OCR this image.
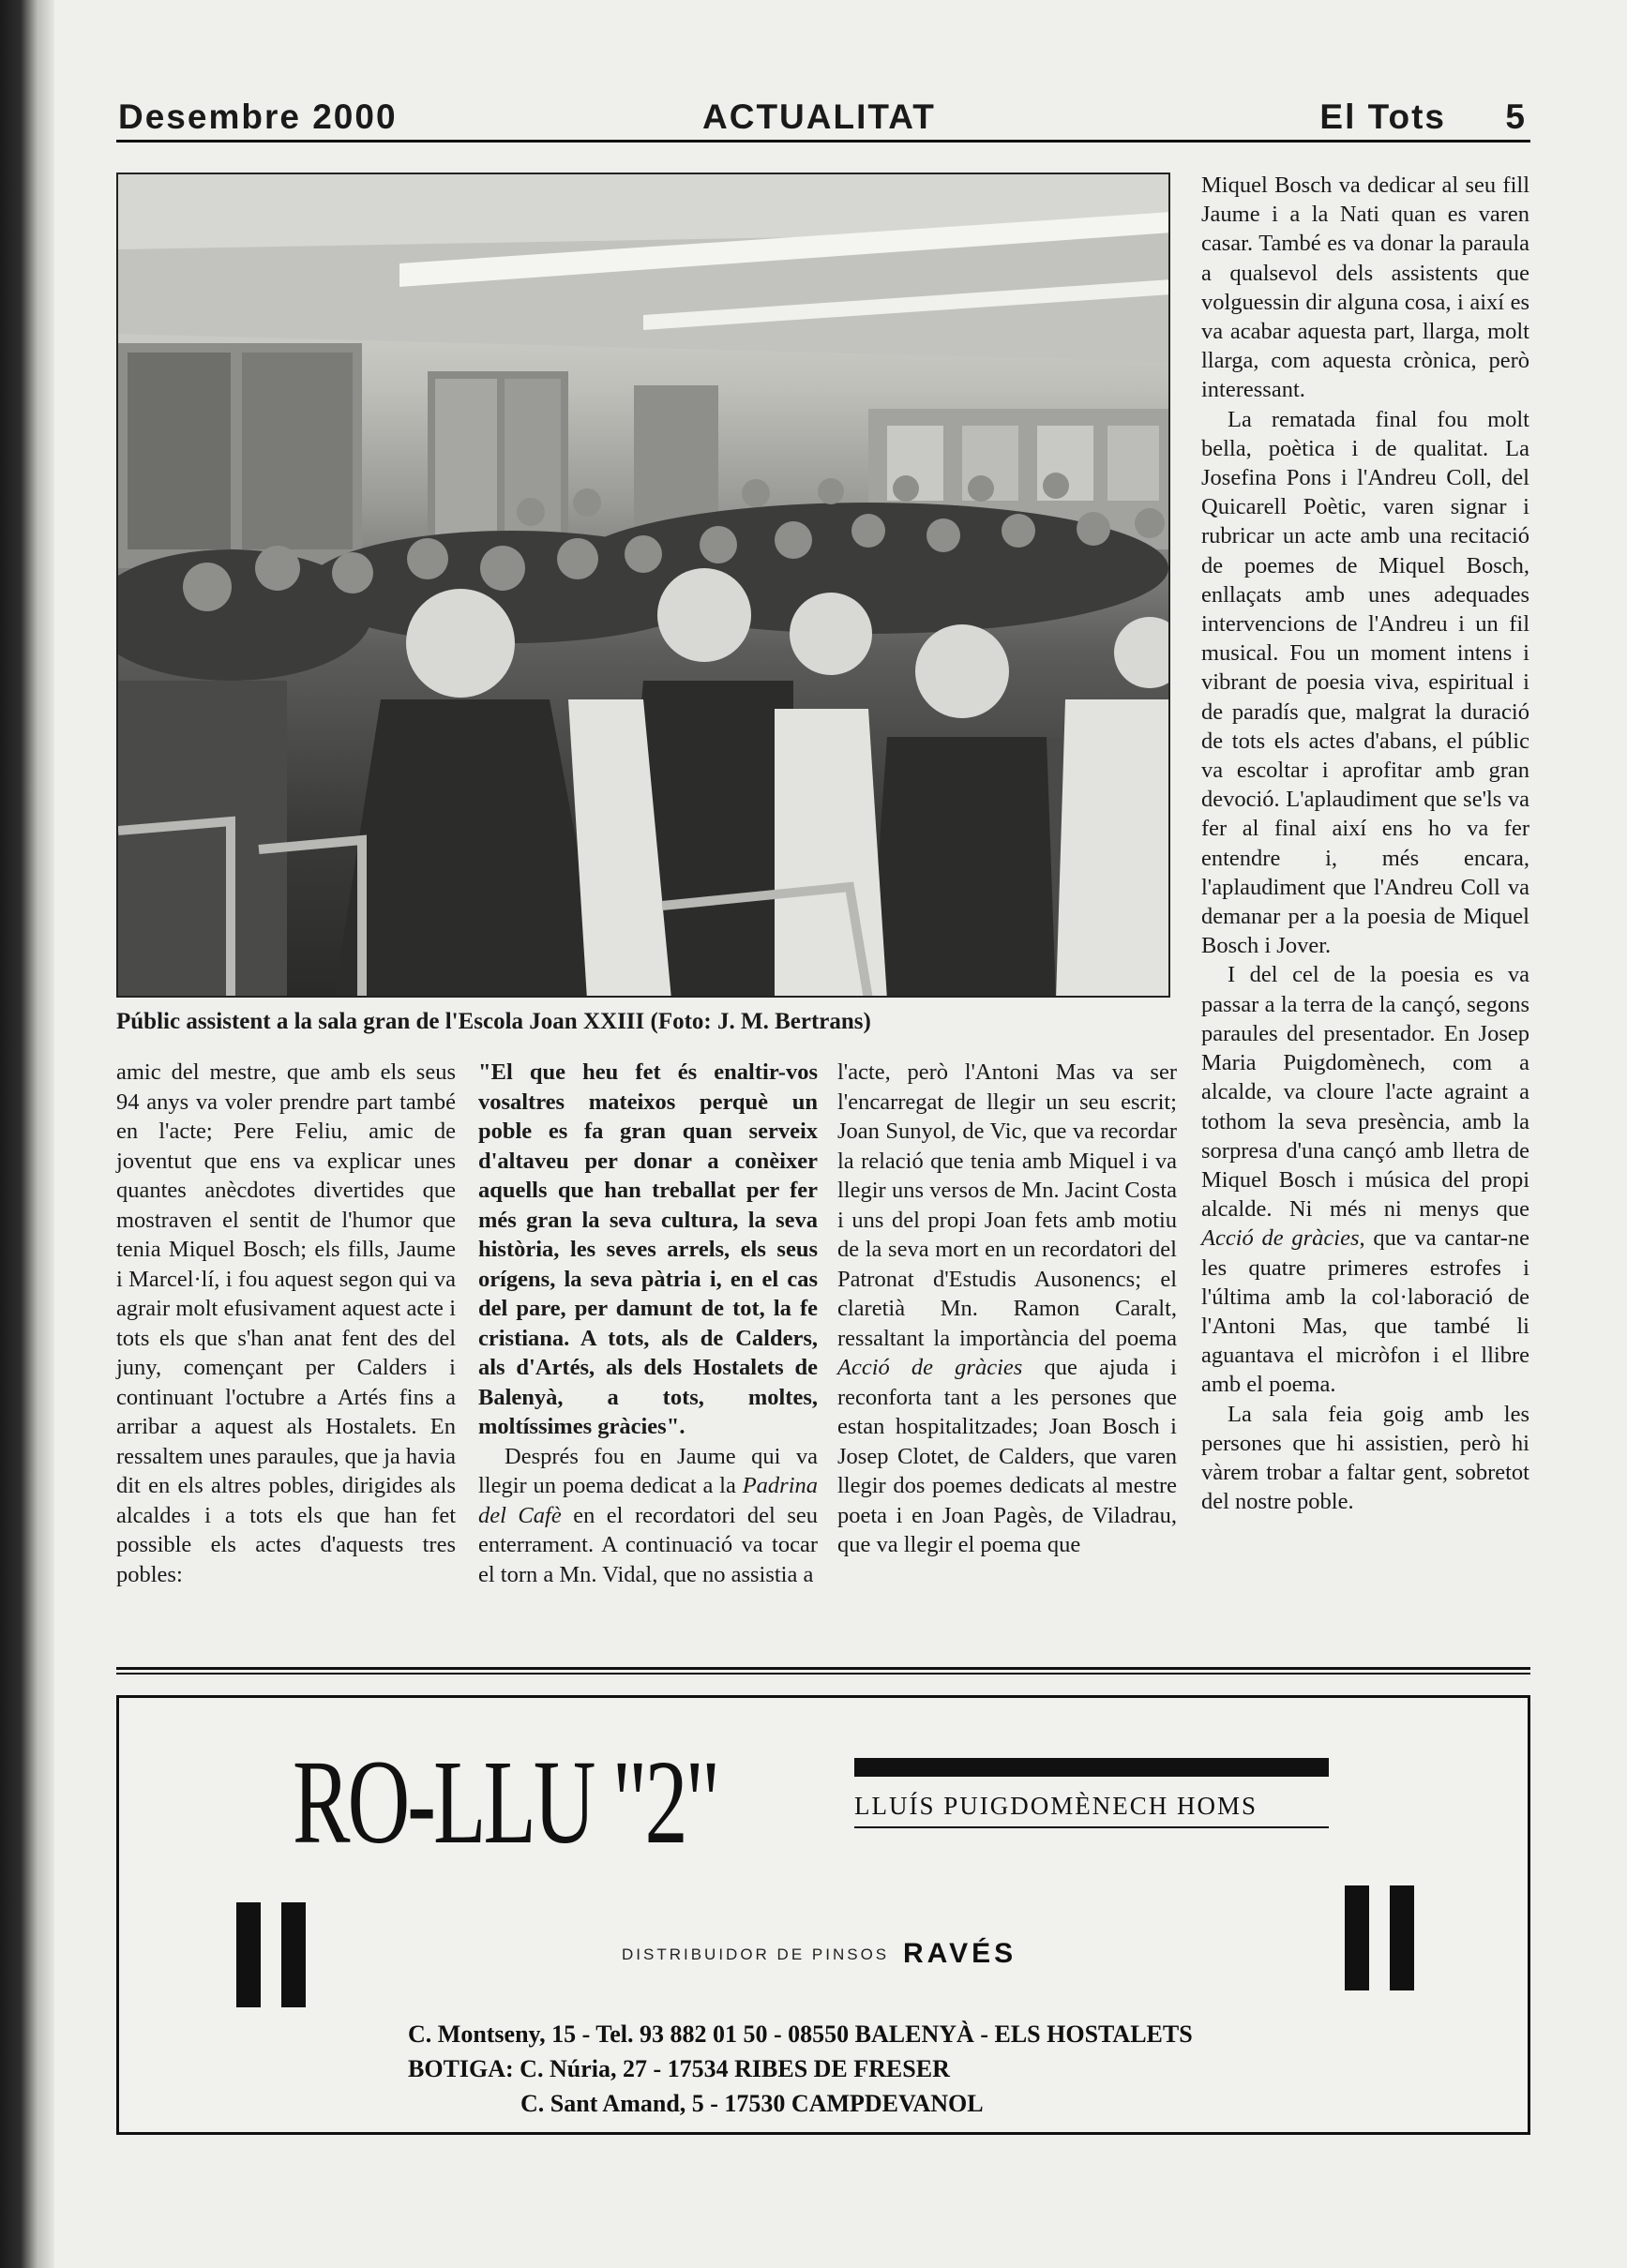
Desembre 2000	ACTUALITAT	El Tots 5
Públic assistent a la sala gran de l'Escola Joan XXIII (Foto: J. M. Bertrans)

amic del mestre, que amb els seus 94 anys va voler prendre part també en l'acte; Pere Feliu, amic de joventut que ens va explicar unes quantes anècdotes divertides que mostraven el sentit de l'humor que tenia Miquel Bosch; els fills, Jaume i Marcel·lí, i fou aquest segon qui va agrair molt efusivament aquest acte i tots els que s'han anat fent des del juny, començant per Calders i continuant l'octubre a Artés fins a arribar a aquest als Hostalets. En ressaltem unes paraules, que ja havia dit en els altres pobles, dirigides als alcaldes i a tots els que han fet possible els actes d'aquests tres pobles:

"El que heu fet és enaltir-vos vosaltres mateixos perquè un poble es fa gran quan serveix d'altaveu per donar a conèixer aquells que han treballat per fer més gran la seva cultura, la seva història, les seves arrels, els seus orígens, la seva pàtria i, en el cas del pare, per damunt de tot, la fe cristiana. A tots, als de Calders, als d'Artés, als dels Hostalets de Balenyà, a tots, moltes, moltíssimes gràcies".

Després fou en Jaume qui va llegir un poema dedicat a la Padrina del Cafè en el recordatori del seu enterrament. A continuació va tocar el torn a Mn. Vidal, que no assistia a

l'acte, però l'Antoni Mas va ser l'encarregat de llegir un seu escrit; Joan Sunyol, de Vic, que va recordar la relació que tenia amb Miquel i va llegir uns versos de Mn. Jacint Costa i uns del propi Joan fets amb motiu de la seva mort en un recordatori del Patronat d'Estudis Ausonencs; el claretià Mn. Ramon Caralt, ressaltant la importància del poema Acció de gràcies que ajuda i reconforta tant a les persones que estan hospitalitzades; Joan Bosch i Josep Clotet, de Calders, que varen llegir dos poemes dedicats al mestre poeta i en Joan Pagès, de Viladrau, que va llegir el poema que

Miquel Bosch va dedicar al seu fill Jaume i a la Nati quan es varen casar. També es va donar la paraula a qualsevol dels assistents que volguessin dir alguna cosa, i així es va acabar aquesta part, llarga, molt llarga, com aquesta crònica, però interessant.

La rematada final fou molt bella, poètica i de qualitat. La Josefina Pons i l'Andreu Coll, del Quicarell Poètic, varen signar i rubricar un acte amb una recitació de poemes de Miquel Bosch, enllaçats amb unes adequades intervencions de l'Andreu i un fil musical. Fou un moment intens i vibrant de poesia viva, espiritual i de paradís que, malgrat la duració de tots els actes d'abans, el públic va escoltar i aprofitar amb gran devoció. L'aplaudiment que se'ls va fer al final així ens ho va fer entendre i, més encara, l'aplaudiment que l'Andreu Coll va demanar per a la poesia de Miquel Bosch i Jover.

I del cel de la poesia es va passar a la terra de la cançó, segons paraules del presentador. En Josep Maria Puigdomènech, com a alcalde, va cloure l'acte agraint a tothom la seva presència, amb la sorpresa d'una cançó amb lletra de Miquel Bosch i música del propi alcalde. Ni més ni menys que Acció de gràcies, que va cantar-ne les quatre primeres estrofes i l'última amb la col·laboració de l'Antoni Mas, que també li aguantava el micròfon i el llibre amb el poema.

La sala feia goig amb les persones que hi assistien, però hi vàrem trobar a faltar gent, sobretot del nostre poble.

RO-LLU "2"	LLUÍS PUIGDOMÈNECH HOMS
DISTRIBUIDOR DE PINSOS RAVÉS
C. Montseny, 15 - Tel. 93 882 01 50 - 08550 BALENYÀ - ELS HOSTALETS
BOTIGA: C. Núria, 27 - 17534 RIBES DE FRESER
C. Sant Amand, 5 - 17530 CAMPDEVANOL
